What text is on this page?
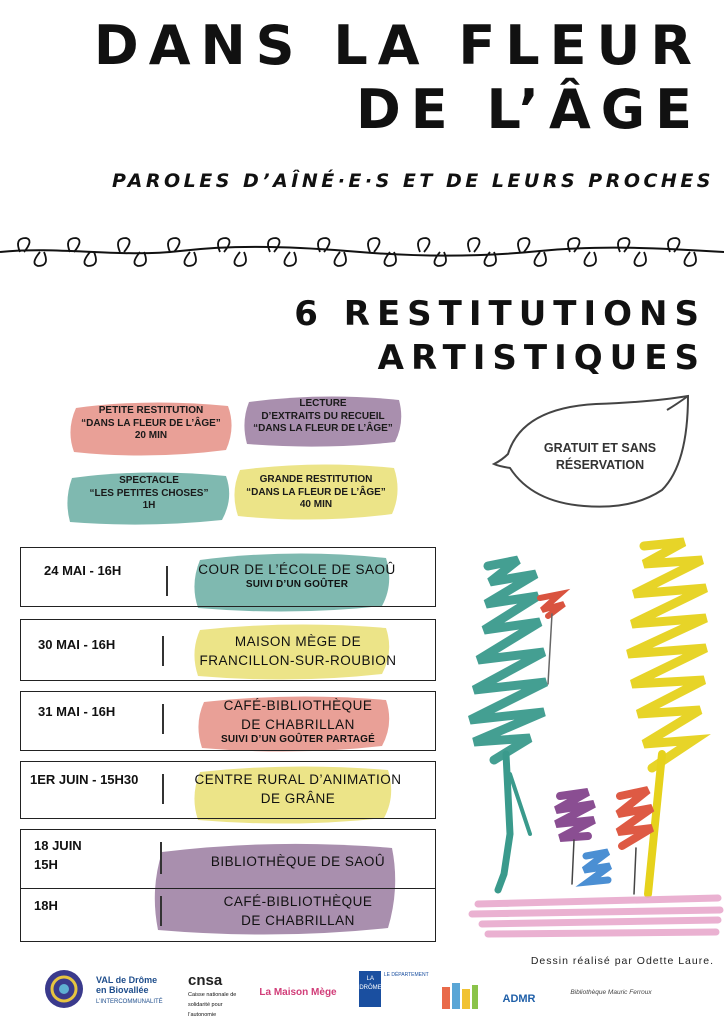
DANS LA FLEUR
DE L’ÂGE
PAROLES D’AÎNÉ·E·S ET DE LEURS PROCHES
6 RESTITUTIONS
ARTISTIQUES
PETITE RESTITUTION
“DANS LA FLEUR DE L’ÂGE”
20 MIN
LECTURE
D’EXTRAITS DU RECUEIL
“DANS LA FLEUR DE L’ÂGE”
SPECTACLE
“LES PETITES CHOSES”
1H
GRANDE RESTITUTION
“DANS LA FLEUR DE L’ÂGE”
40 MIN
GRATUIT ET SANS
RÉSERVATION
24 MAI - 16H	COUR DE L’ÉCOLE DE SAOÛ
SUIVI D’UN GOÛTER
30 MAI - 16H	MAISON MÈGE DE
FRANCILLON-SUR-ROUBION
31 MAI - 16H	CAFÉ-BIBLIOTHÈQUE
DE CHABRILLAN
SUIVI D’UN GOÛTER PARTAGÉ
1ER JUIN - 15H30	CENTRE RURAL D’ANIMATION
DE GRÂNE
18 JUIN
15H	BIBLIOTHÈQUE DE SAOÛ
18H	CAFÉ-BIBLIOTHÈQUE
DE CHABRILLAN
Dessin réalisé par Odette Laure.
VAL de Drôme
en Biovallée
L’INTERCOMMUNALITÉ
cnsa
Caisse nationale de
solidarité pour l’autonomie
La Maison Mège
LA DRÔME $^{LE DÉPARTEMENT}$
ADMR
Bibliothèque Mauric Ferroux
